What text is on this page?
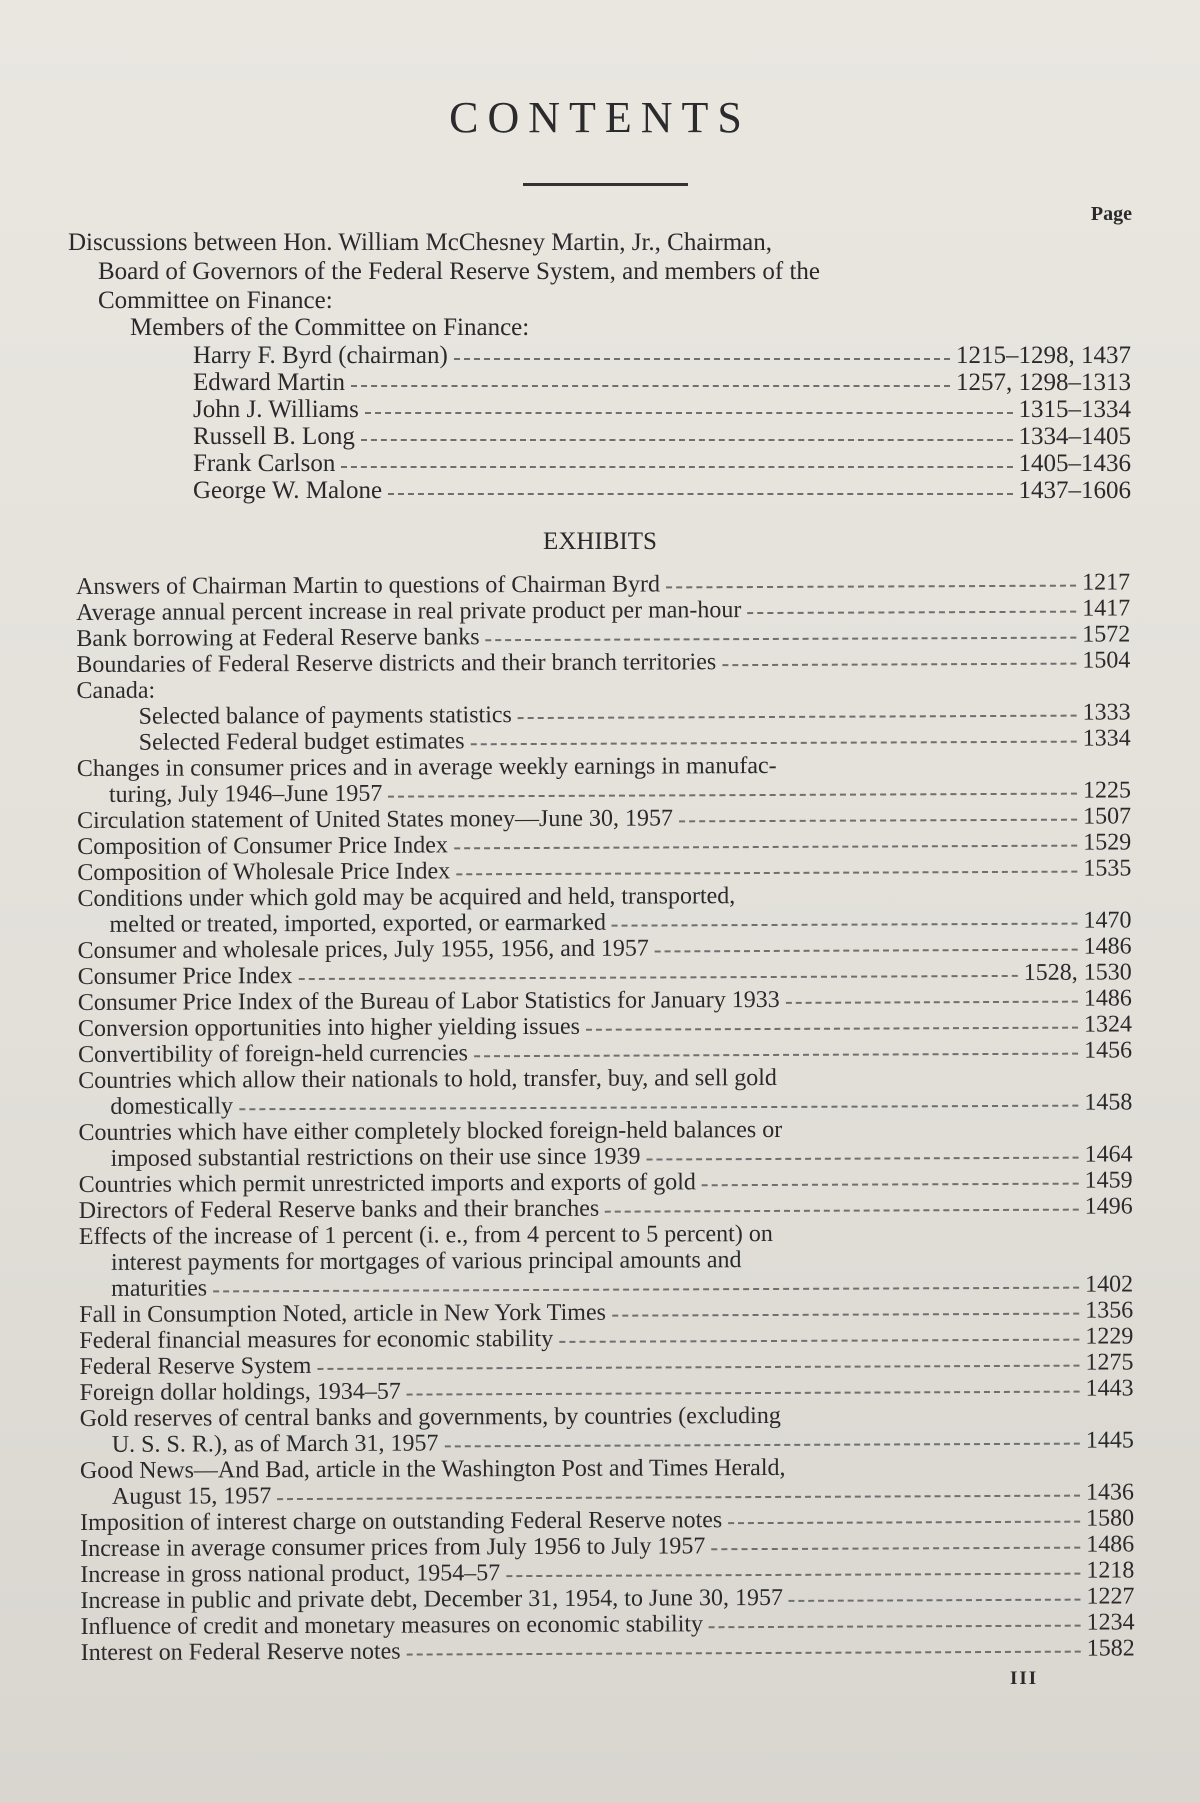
CONTENTS
Page
Discussions between Hon. William McChesney Martin, Jr., Chairman,
Board of Governors of the Federal Reserve System, and members of the
Committee on Finance:
Members of the Committee on Finance:
Harry F. Byrd (chairman)	1215–1298, 1437
Edward Martin	1257, 1298–1313
John J. Williams	1315–1334
Russell B. Long	1334–1405
Frank Carlson	1405–1436
George W. Malone	1437–1606
EXHIBITS
Answers of Chairman Martin to questions of Chairman Byrd	1217
Average annual percent increase in real private product per man-hour	1417
Bank borrowing at Federal Reserve banks	1572
Boundaries of Federal Reserve districts and their branch territories	1504
Canada:
Selected balance of payments statistics	1333
Selected Federal budget estimates	1334
Changes in consumer prices and in average weekly earnings in manufac-
turing, July 1946–June 1957	1225
Circulation statement of United States money—June 30, 1957	1507
Composition of Consumer Price Index	1529
Composition of Wholesale Price Index	1535
Conditions under which gold may be acquired and held, transported,
melted or treated, imported, exported, or earmarked	1470
Consumer and wholesale prices, July 1955, 1956, and 1957	1486
Consumer Price Index	1528, 1530
Consumer Price Index of the Bureau of Labor Statistics for January 1933	1486
Conversion opportunities into higher yielding issues	1324
Convertibility of foreign-held currencies	1456
Countries which allow their nationals to hold, transfer, buy, and sell gold
domestically	1458
Countries which have either completely blocked foreign-held balances or
imposed substantial restrictions on their use since 1939	1464
Countries which permit unrestricted imports and exports of gold	1459
Directors of Federal Reserve banks and their branches	1496
Effects of the increase of 1 percent (i. e., from 4 percent to 5 percent) on
interest payments for mortgages of various principal amounts and
maturities	1402
Fall in Consumption Noted, article in New York Times	1356
Federal financial measures for economic stability	1229
Federal Reserve System	1275
Foreign dollar holdings, 1934–57	1443
Gold reserves of central banks and governments, by countries (excluding
U. S. S. R.), as of March 31, 1957	1445
Good News—And Bad, article in the Washington Post and Times Herald,
August 15, 1957	1436
Imposition of interest charge on outstanding Federal Reserve notes	1580
Increase in average consumer prices from July 1956 to July 1957	1486
Increase in gross national product, 1954–57	1218
Increase in public and private debt, December 31, 1954, to June 30, 1957	1227
Influence of credit and monetary measures on economic stability	1234
Interest on Federal Reserve notes	1582
III
